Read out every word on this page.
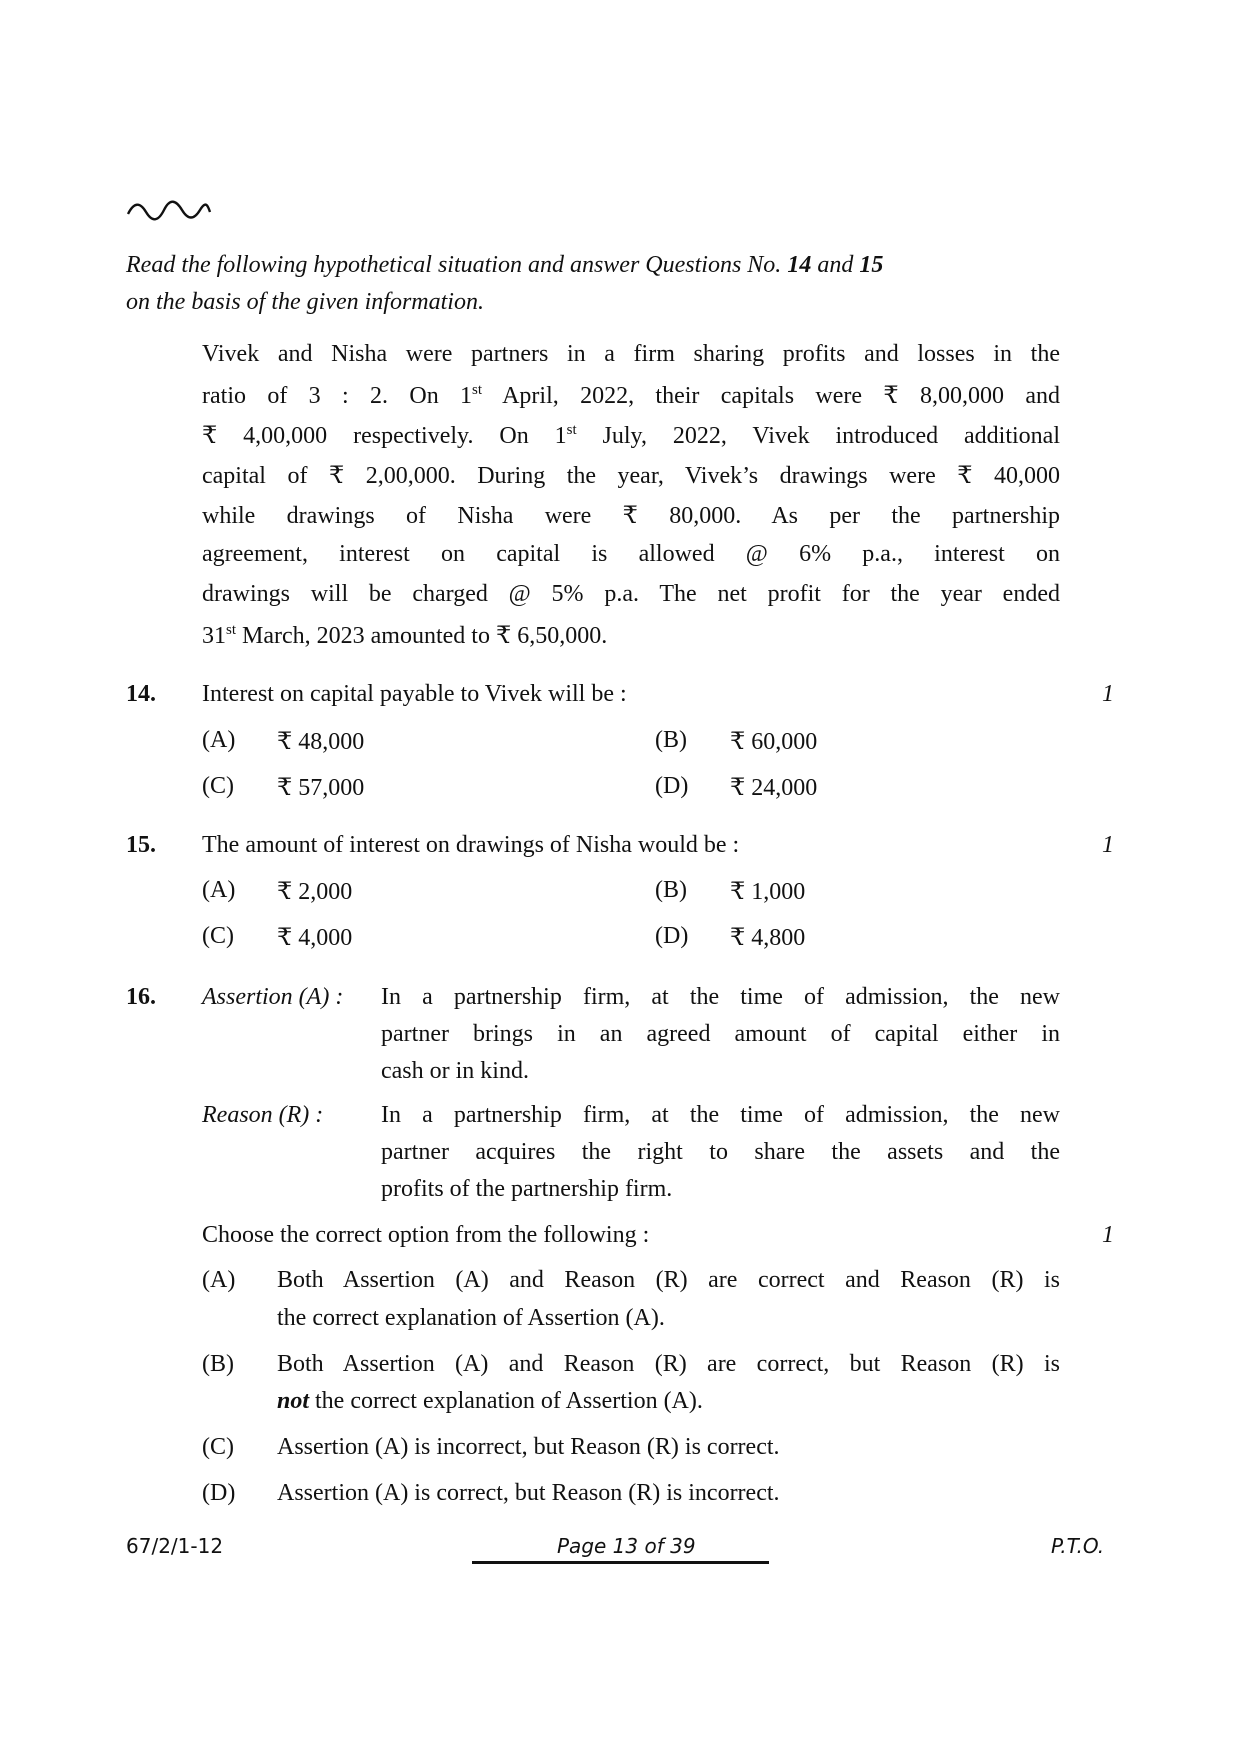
Read the following hypothetical situation and answer Questions No. 14 and 15
on the basis of the given information.
Vivek and Nisha were partners in a firm sharing profits and losses in the
ratio of 3 : 2. On 1st April, 2022, their capitals were ₹ 8,00,000 and
₹ 4,00,000 respectively. On 1st July, 2022, Vivek introduced additional
capital of ₹ 2,00,000. During the year, Vivek’s drawings were ₹ 40,000
while drawings of Nisha were ₹ 80,000. As per the partnership
agreement, interest on capital is allowed @ 6% p.a., interest on
drawings will be charged @ 5% p.a. The net profit for the year ended
31st March, 2023 amounted to ₹ 6,50,000.
14. Interest on capital payable to Vivek will be :	1
(A) ₹ 48,000	(B) ₹ 60,000
(C) ₹ 57,000	(D) ₹ 24,000
15. The amount of interest on drawings of Nisha would be :	1
(A) ₹ 2,000	(B) ₹ 1,000
(C) ₹ 4,000	(D) ₹ 4,800
16. Assertion (A) : In a partnership firm, at the time of admission, the new
partner brings in an agreed amount of capital either in
cash or in kind.
Reason (R) : In a partnership firm, at the time of admission, the new
partner acquires the right to share the assets and the
profits of the partnership firm.
Choose the correct option from the following :	1
(A) Both Assertion (A) and Reason (R) are correct and Reason (R) is
the correct explanation of Assertion (A).
(B) Both Assertion (A) and Reason (R) are correct, but Reason (R) is
not the correct explanation of Assertion (A).
(C) Assertion (A) is incorrect, but Reason (R) is correct.
(D) Assertion (A) is correct, but Reason (R) is incorrect.
67/2/1-12	Page 13 of 39	P.T.O.
